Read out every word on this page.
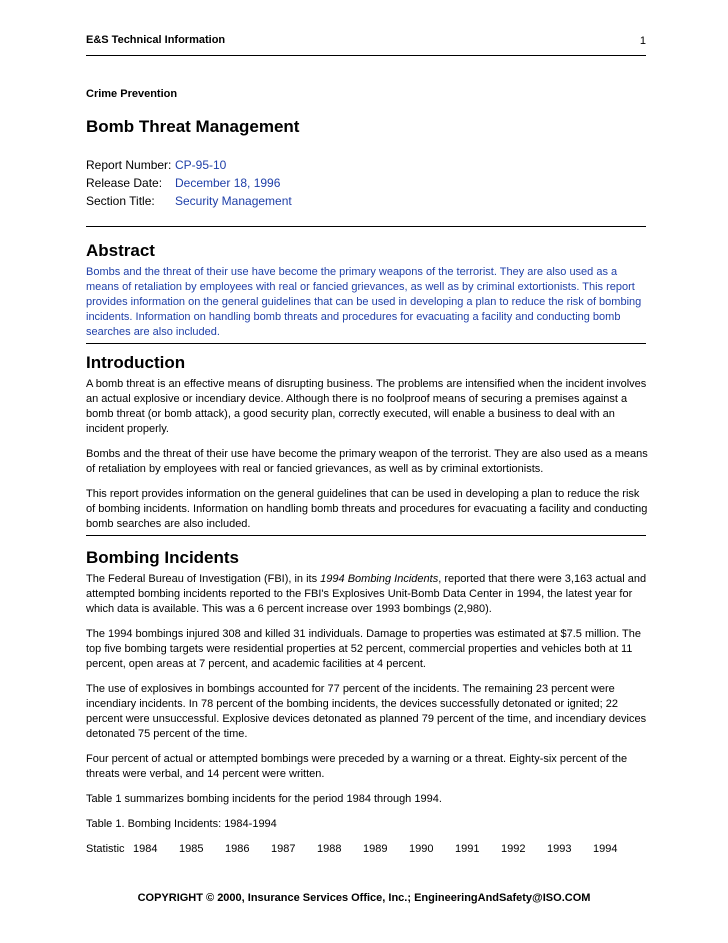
E&S Technical Information	1
Crime Prevention
Bomb Threat Management
Report Number: CP-95-10
Release Date:	December 18, 1996
Section Title:	Security Management
Abstract

Bombs and the threat of their use have become the primary weapons of the terrorist. They are also used as a means of retaliation by employees with real or fancied grievances, as well as by criminal extortionists. This report provides information on the general guidelines that can be used in developing a plan to reduce the risk of bombing incidents. Information on handling bomb threats and procedures for evacuating a facility and conducting bomb searches are also included.

Introduction

A bomb threat is an effective means of disrupting business. The problems are intensified when the incident involves an actual explosive or incendiary device. Although there is no foolproof means of securing a premises against a bomb threat (or bomb attack), a good security plan, correctly executed, will enable a business to deal with an incident properly.

Bombs and the threat of their use have become the primary weapon of the terrorist. They are also used as a means of retaliation by employees with real or fancied grievances, as well as by criminal extortionists.

This report provides information on the general guidelines that can be used in developing a plan to reduce the risk of bombing incidents. Information on handling bomb threats and procedures for evacuating a facility and conducting bomb searches are also included.

Bombing Incidents

The Federal Bureau of Investigation (FBI), in its 1994 Bombing Incidents, reported that there were 3,163 actual and attempted bombing incidents reported to the FBI's Explosives Unit-Bomb Data Center in 1994, the latest year for which data is available. This was a 6 percent increase over 1993 bombings (2,980).

The 1994 bombings injured 308 and killed 31 individuals. Damage to properties was estimated at $7.5 million. The top five bombing targets were residential properties at 52 percent, commercial properties and vehicles both at 11 percent, open areas at 7 percent, and academic facilities at 4 percent.

The use of explosives in bombings accounted for 77 percent of the incidents. The remaining 23 percent were incendiary incidents. In 78 percent of the bombing incidents, the devices successfully detonated or ignited; 22 percent were unsuccessful. Explosive devices detonated as planned 79 percent of the time, and incendiary devices detonated 75 percent of the time.

Four percent of actual or attempted bombings were preceded by a warning or a threat. Eighty-six percent of the threats were verbal, and 14 percent were written.

Table 1 summarizes bombing incidents for the period 1984 through 1994.

Table 1. Bombing Incidents: 1984-1994

Statistic 1984	1985	1986	1987	1988	1989	1990	1991	1992	1993	1994
COPYRIGHT © 2000, Insurance Services Office, Inc.; EngineeringAndSafety@ISO.COM
